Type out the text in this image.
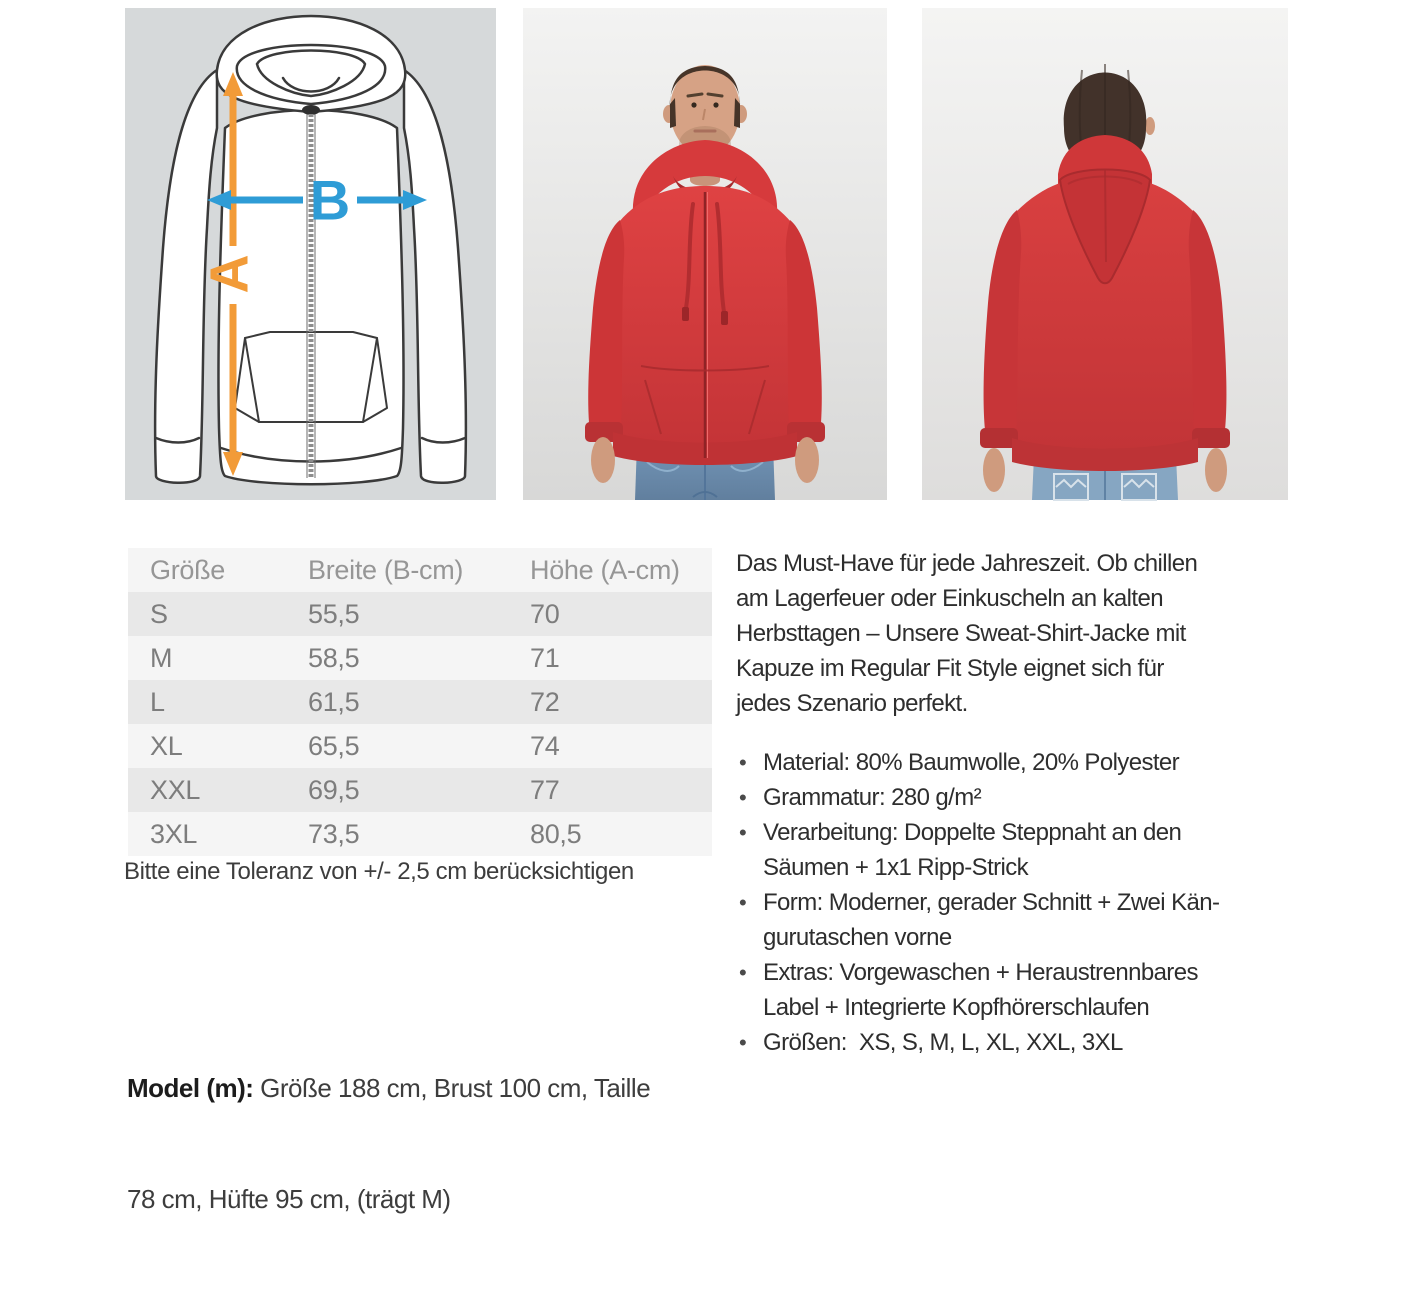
A
B
Größe	Breite (B-cm)	Höhe (A-cm)
S	55,5	70
M	58,5	71
L	61,5	72
XL	65,5	74
XXL	69,5	77
3XL	73,5	80,5
Bitte eine Toleranz von +/- 2,5 cm berücksichtigen

Model (m): Größe 188 cm, Brust 100 cm, Taille

78 cm, Hüfte 95 cm, (trägt M)

Das Must-Have für jede Jahreszeit. Ob chillen
am Lagerfeuer oder Einkuscheln an kalten
Herbsttagen – Unsere Sweat-Shirt-Jacke mit
Kapuze im Regular Fit Style eignet sich für
jedes Szenario perfekt.
• Material: 80% Baumwolle, 20% Polyester
• Grammatur: 280 g/m²
• Verarbeitung: Doppelte Steppnaht an den
Säumen + 1x1 Ripp-Strick
• Form: Moderner, gerader Schnitt + Zwei Kän-
gurutaschen vorne
• Extras: Vorgewaschen + Heraustrennbares
Label + Integrierte Kopfhörerschlaufen
• Größen:  XS, S, M, L, XL, XXL, 3XL
